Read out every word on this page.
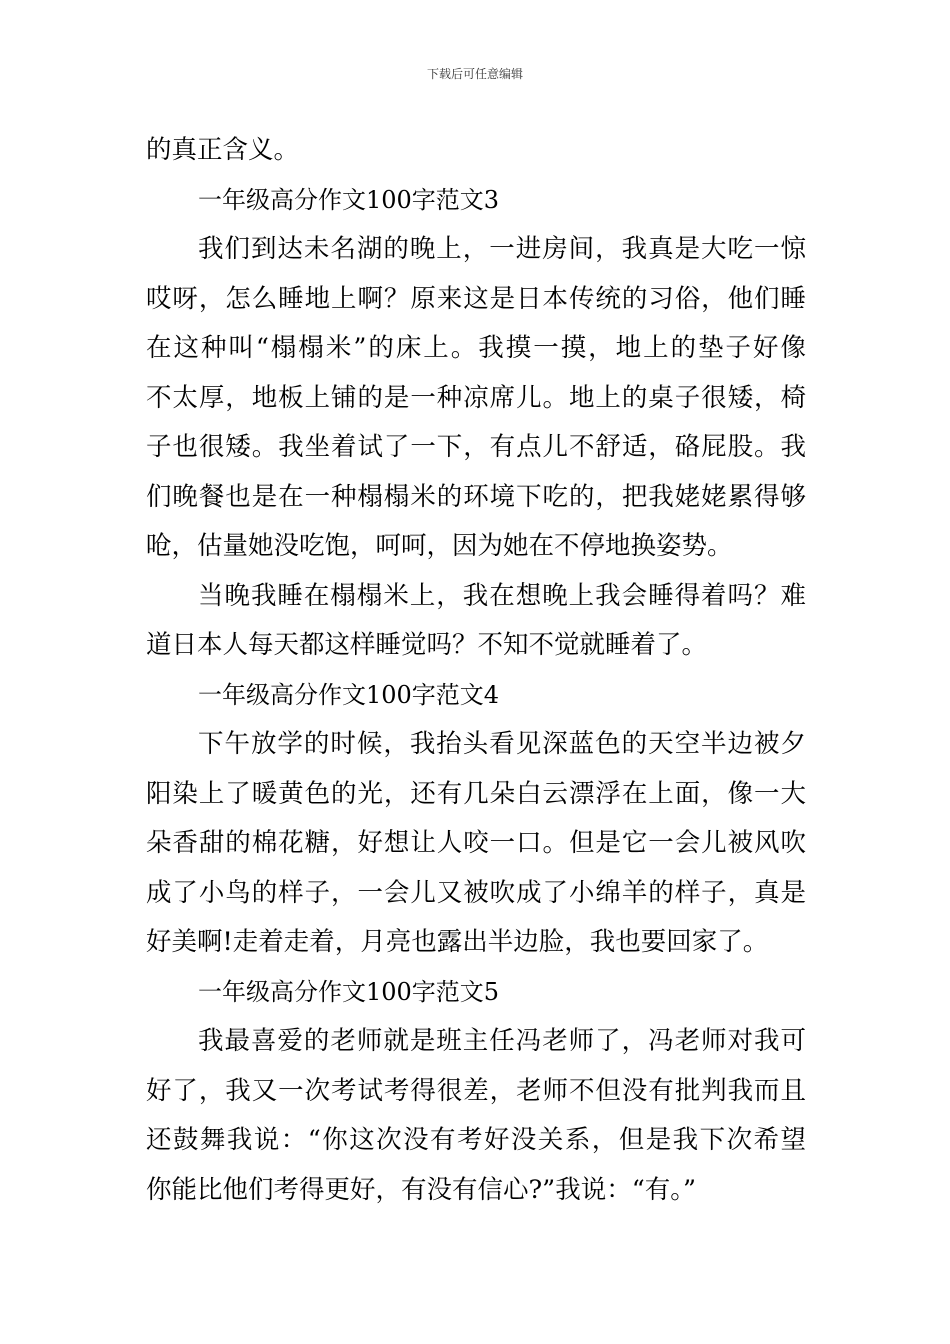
下载后可任意编辑
的真正含义。
一年级高分作文100字范文3
我们到达未名湖的晚上，一进房间，我真是大吃一惊
哎呀，怎么睡地上啊？原来这是日本传统的习俗，他们睡
在这种叫“榻榻米”的床上。我摸一摸，地上的垫子好像
不太厚，地板上铺的是一种凉席儿。地上的桌子很矮，椅
子也很矮。我坐着试了一下，有点儿不舒适，硌屁股。我
们晚餐也是在一种榻榻米的环境下吃的，把我姥姥累得够
呛，估量她没吃饱，呵呵，因为她在不停地换姿势。
当晚我睡在榻榻米上，我在想晚上我会睡得着吗？难
道日本人每天都这样睡觉吗？不知不觉就睡着了。
一年级高分作文100字范文4
下午放学的时候，我抬头看见深蓝色的天空半边被夕
阳染上了暖黄色的光，还有几朵白云漂浮在上面，像一大
朵香甜的棉花糖，好想让人咬一口。但是它一会儿被风吹
成了小鸟的样子，一会儿又被吹成了小绵羊的样子，真是
好美啊!走着走着，月亮也露出半边脸，我也要回家了。
一年级高分作文100字范文5
我最喜爱的老师就是班主任冯老师了，冯老师对我可
好了，我又一次考试考得很差，老师不但没有批判我而且
还鼓舞我说：“你这次没有考好没关系，但是我下次希望
你能比他们考得更好，有没有信心?”我说：“有。”
